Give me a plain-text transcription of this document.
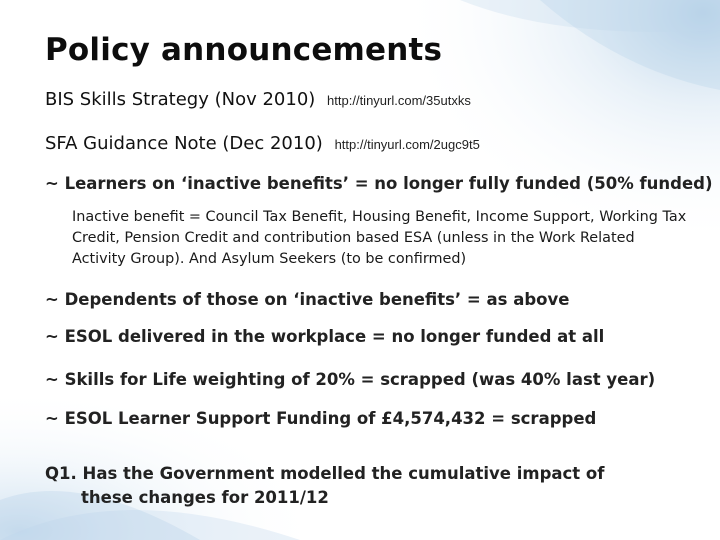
Policy announcements
BIS Skills Strategy (Nov 2010) http://tinyurl.com/35utxks
SFA Guidance Note (Dec 2010) http://tinyurl.com/2ugc9t5
~ Learners on ‘inactive benefits’ = no longer fully funded (50% funded)
Inactive benefit = Council Tax Benefit, Housing Benefit, Income Support, Working Tax Credit, Pension Credit and contribution based ESA (unless in the Work Related Activity Group). And Asylum Seekers (to be confirmed)
~ Dependents of those on ‘inactive benefits’ = as above
~ ESOL delivered in the workplace = no longer funded at all
~ Skills for Life weighting of 20% = scrapped (was 40% last year)
~ ESOL Learner Support Funding of £4,574,432 = scrapped
Q1. Has the Government modelled the cumulative impact of
these changes for 2011/12
